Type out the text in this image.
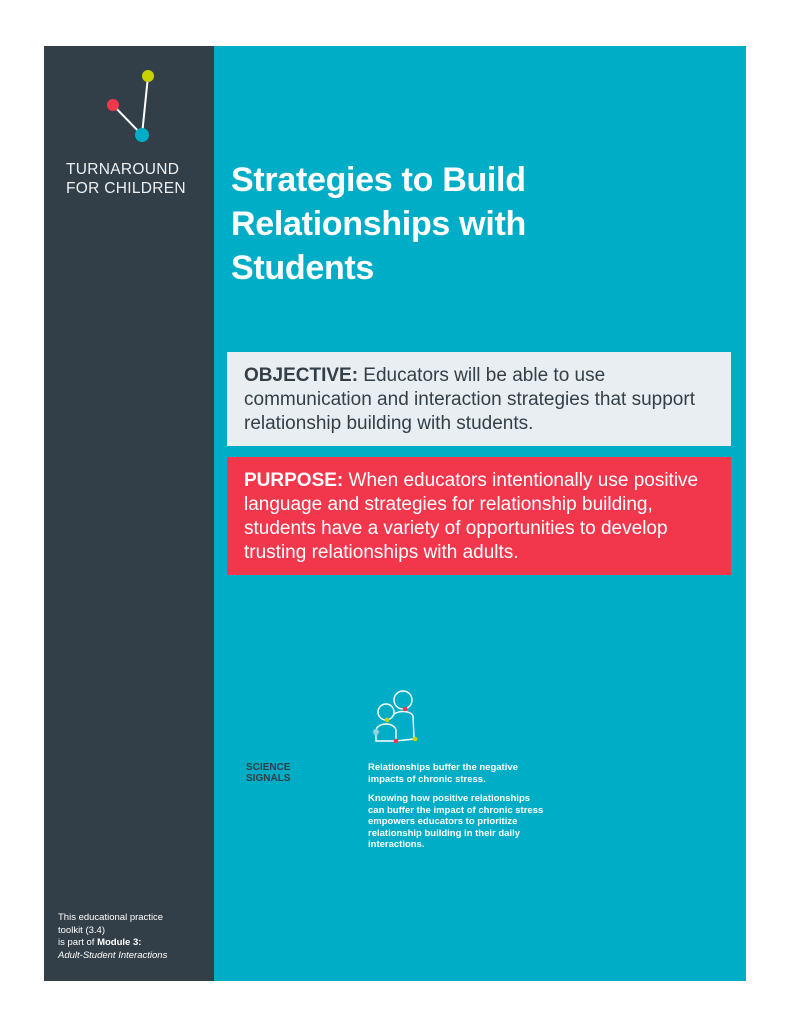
TURNAROUND
FOR CHILDREN
This educational practice
toolkit (3.4)
is part of Module 3:
Adult-Student Interactions
Strategies to Build Relationships with Students
OBJECTIVE: Educators will be able to use communication and interaction strategies that support relationship building with students.
PURPOSE: When educators intentionally use positive language and strategies for relationship building, students have a variety of opportunities to develop trusting relationships with adults.
SCIENCE
SIGNALS

Relationships buffer the negative impacts of chronic stress.

Knowing how positive relationships can buffer the impact of chronic stress empowers educators to prioritize relationship building in their daily interactions.
